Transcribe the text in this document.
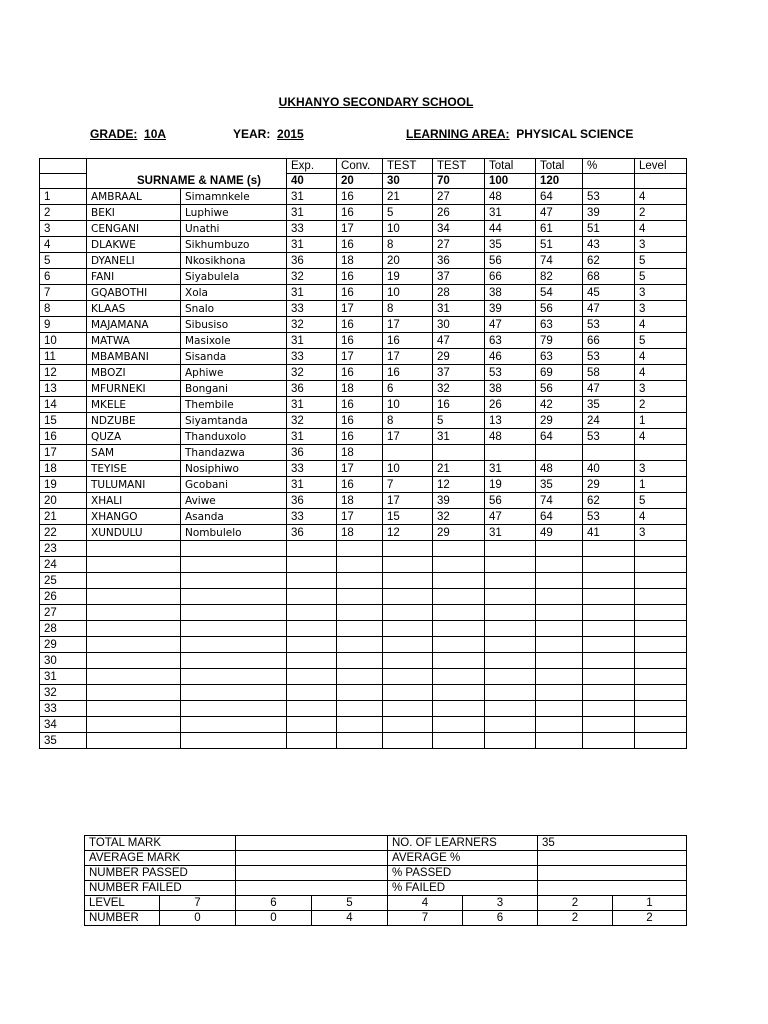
UKHANYO SECONDARY SCHOOL
GRADE: 10A	YEAR: 2015	LEARNING AREA: PHYSICAL SCIENCE
	SURNAME & NAME (s)		Exp.	Conv.	TEST	TEST	Total	Total	%	Level
			40	20	30	70	100	120		
1	AMBRAAL	Simamnkele	31	16	21	27	48	64	53	4
2	BEKI	Luphiwe	31	16	5	26	31	47	39	2
3	CENGANI	Unathi	33	17	10	34	44	61	51	4
4	DLAKWE	Sikhumbuzo	31	16	8	27	35	51	43	3
5	DYANELI	Nkosikhona	36	18	20	36	56	74	62	5
6	FANI	Siyabulela	32	16	19	37	66	82	68	5
7	GQABOTHI	Xola	31	16	10	28	38	54	45	3
8	KLAAS	Snalo	33	17	8	31	39	56	47	3
9	MAJAMANA	Sibusiso	32	16	17	30	47	63	53	4
10	MATWA	Masixole	31	16	16	47	63	79	66	5
11	MBAMBANI	Sisanda	33	17	17	29	46	63	53	4
12	MBOZI	Aphiwe	32	16	16	37	53	69	58	4
13	MFURNEKI	Bongani	36	18	6	32	38	56	47	3
14	MKELE	Thembile	31	16	10	16	26	42	35	2
15	NDZUBE	Siyamtanda	32	16	8	5	13	29	24	1
16	QUZA	Thanduxolo	31	16	17	31	48	64	53	4
17	SAM	Thandazwa	36	18						
18	TEYISE	Nosiphiwo	33	17	10	21	31	48	40	3
19	TULUMANI	Gcobani	31	16	7	12	19	35	29	1
20	XHALI	Aviwe	36	18	17	39	56	74	62	5
21	XHANGO	Asanda	33	17	15	32	47	64	53	4
22	XUNDULU	Nombulelo	36	18	12	29	31	49	41	3
23										
24										
25										
26										
27										
28										
29										
30										
31										
32										
33										
34										
35										
TOTAL MARK				NO. OF LEARNERS		35	
AVERAGE MARK				AVERAGE %			
NUMBER PASSED				% PASSED			
NUMBER FAILED				% FAILED			
LEVEL	7	6	5	4	3	2	1
NUMBER	0	0	4	7	6	2	2
